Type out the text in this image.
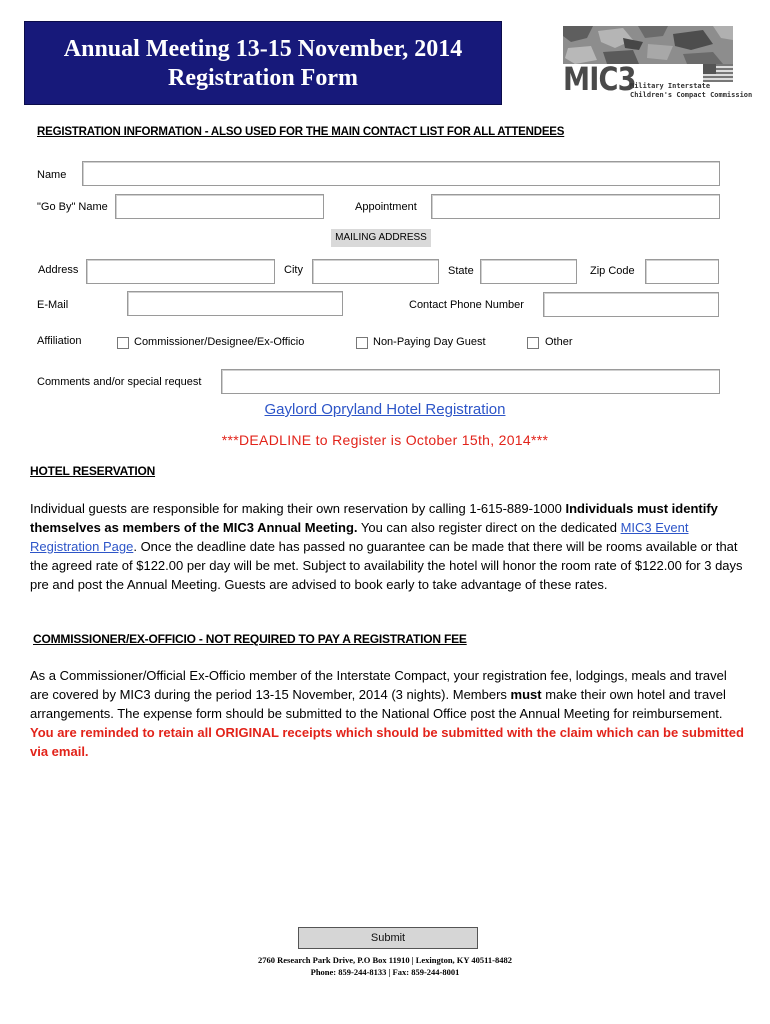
Annual Meeting 13-15 November, 2014
Registration Form	MIC3
Military Interstate
Children's Compact Commission
REGISTRATION INFORMATION - ALSO USED FOR THE MAIN CONTACT LIST FOR ALL ATTENDEES
Name
"Go By" Name	Appointment
MAILING ADDRESS
Address	City	State	Zip Code
E-Mail	Contact Phone Number
Affiliation	Commissioner/Designee/Ex-Officio	Non-Paying Day Guest	Other
Comments and/or special request
Gaylord Opryland Hotel Registration
***DEADLINE to Register is October 15th, 2014***
HOTEL RESERVATION
Individual guests are responsible for making their own reservation by calling 1-615-889-1000 Individuals must identify themselves as members of the MIC3 Annual Meeting. You can also register direct on the dedicated MIC3 Event Registration Page. Once the deadline date has passed no guarantee can be made that there will be rooms available or that the agreed rate of $122.00 per day will be met. Subject to availability the hotel will honor the room rate of $122.00 for 3 days pre and post the Annual Meeting. Guests are advised to book early to take advantage of these rates.
COMMISSIONER/EX-OFFICIO - NOT REQUIRED TO PAY A REGISTRATION FEE
As a Commissioner/Official Ex-Officio member of the Interstate Compact, your registration fee, lodgings, meals and travel are covered by MIC3 during the period 13-15 November, 2014 (3 nights). Members must make their own hotel and travel arrangements. The expense form should be submitted to the National Office post the Annual Meeting for reimbursement. You are reminded to retain all ORIGINAL receipts which should be submitted with the claim which can be submitted via email.
Submit
2760 Research Park Drive, P.O Box 11910 | Lexington, KY 40511-8482
Phone: 859-244-8133 | Fax: 859-244-8001
